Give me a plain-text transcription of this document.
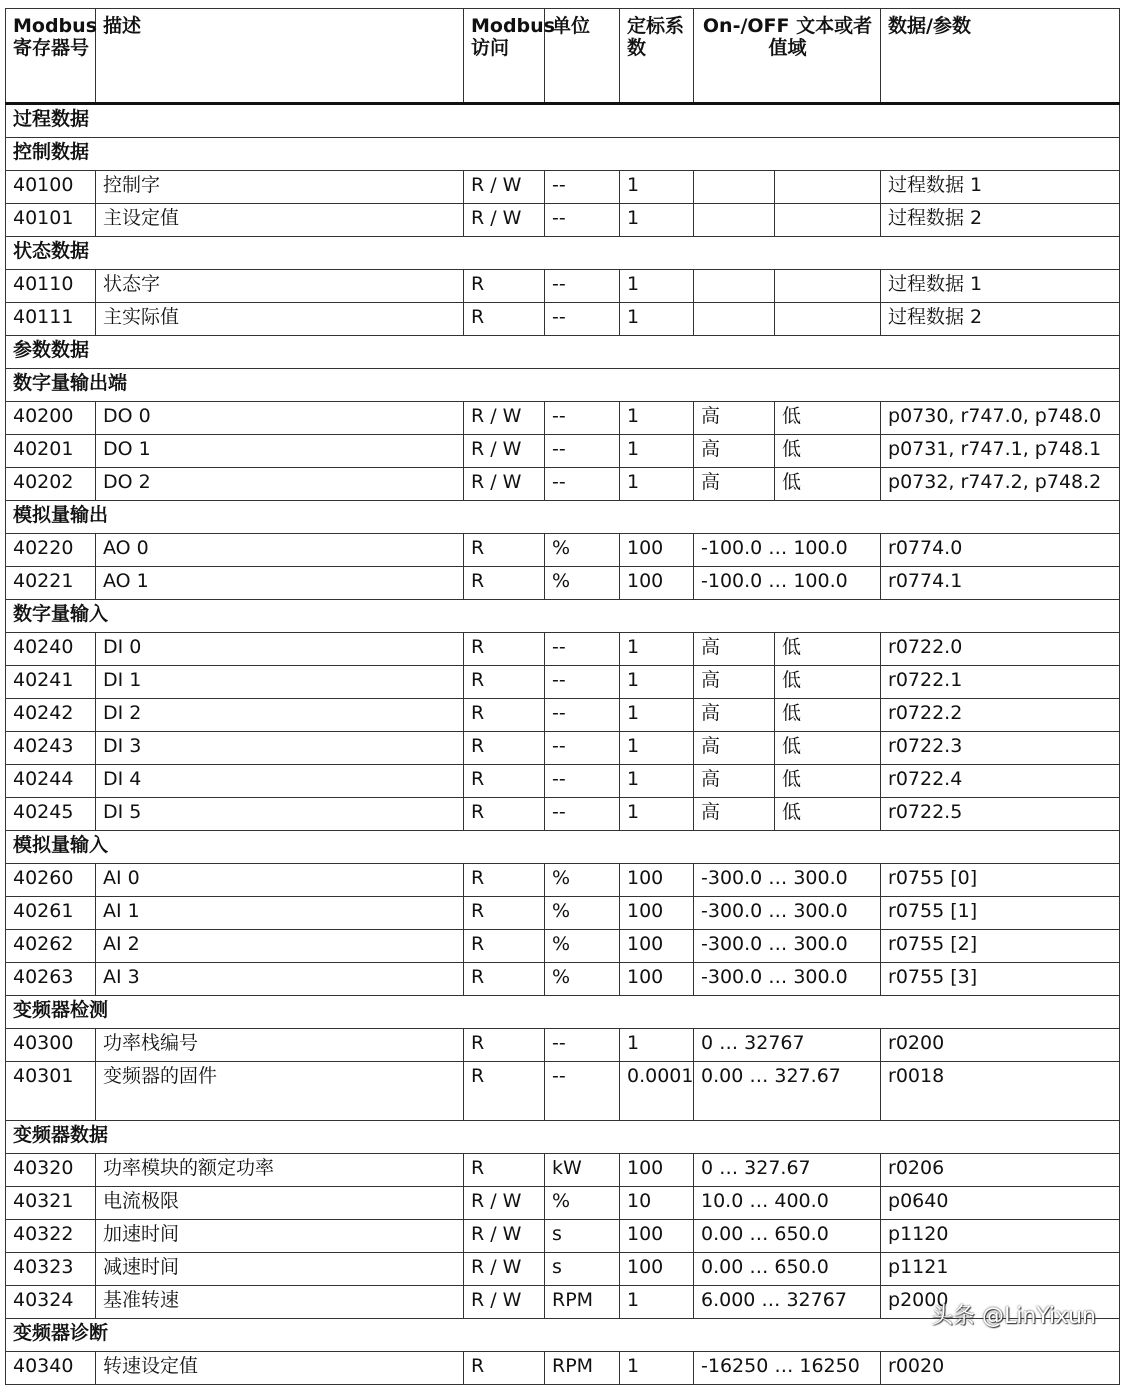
Modbus 寄存器号	描述	Modbus 访问	单位	定标系数	On-/OFF 文本或者值域		数据/参数
过程数据							
控制数据							
40100	控制字	R / W	--	1			过程数据 1
40101	主设定值	R / W	--	1			过程数据 2
状态数据							
40110	状态字	R	--	1			过程数据 1
40111	主实际值	R	--	1			过程数据 2
参数数据							
数字量输出端							
40200	DO 0	R / W	--	1	高	低	p0730, r747.0, p748.0
40201	DO 1	R / W	--	1	高	低	p0731, r747.1, p748.1
40202	DO 2	R / W	--	1	高	低	p0732, r747.2, p748.2
模拟量输出							
40220	AO 0	R	%	100	-100.0 … 100.0		r0774.0
40221	AO 1	R	%	100	-100.0 … 100.0		r0774.1
数字量输入							
40240	DI 0	R	--	1	高	低	r0722.0
40241	DI 1	R	--	1	高	低	r0722.1
40242	DI 2	R	--	1	高	低	r0722.2
40243	DI 3	R	--	1	高	低	r0722.3
40244	DI 4	R	--	1	高	低	r0722.4
40245	DI 5	R	--	1	高	低	r0722.5
模拟量输入							
40260	AI 0	R	%	100	-300.0 … 300.0		r0755 [0]
40261	AI 1	R	%	100	-300.0 … 300.0		r0755 [1]
40262	AI 2	R	%	100	-300.0 … 300.0		r0755 [2]
40263	AI 3	R	%	100	-300.0 … 300.0		r0755 [3]
变频器检测							
40300	功率栈编号	R	--	1	0 … 32767		r0200
40301	变频器的固件	R	--	0.0001	0.00 … 327.67		r0018
变频器数据							
40320	功率模块的额定功率	R	kW	100	0 … 327.67		r0206
40321	电流极限	R / W	%	10	10.0 … 400.0		p0640
40322	加速时间	R / W	s	100	0.00 … 650.0		p1120
40323	减速时间	R / W	s	100	0.00 … 650.0		p1121
40324	基准转速	R / W	RPM	1	6.000 … 32767		p2000
变频器诊断							
40340	转速设定值	R	RPM	1	-16250 … 16250		r0020
头条 @LinYixun
